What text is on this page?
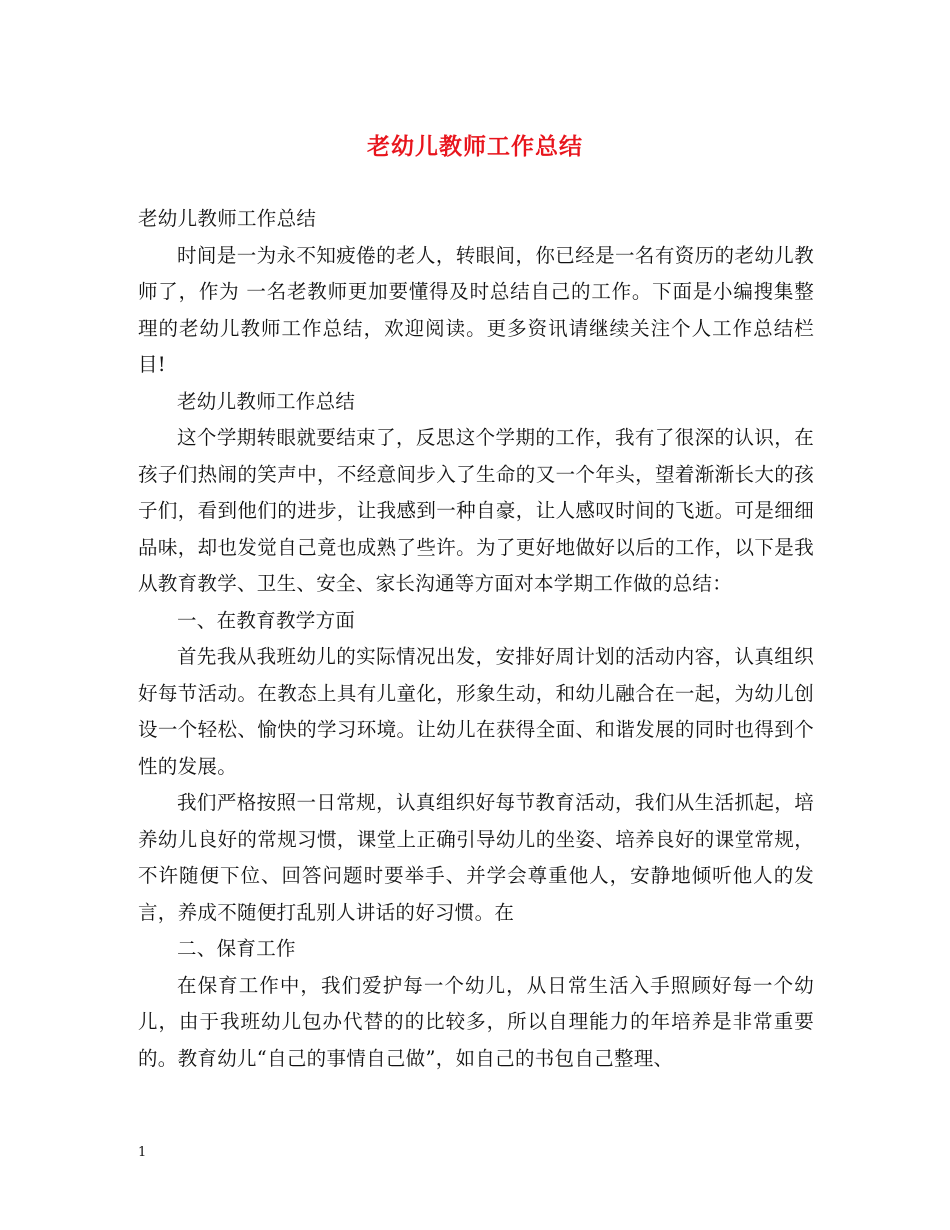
老幼儿教师工作总结

老幼儿教师工作总结

时间是一为永不知疲倦的老人，转眼间，你已经是一名有资历的老幼儿教师了，作为 一名老教师更加要懂得及时总结自己的工作。下面是小编搜集整理的老幼儿教师工作总结，欢迎阅读。更多资讯请继续关注个人工作总结栏目!

老幼儿教师工作总结

这个学期转眼就要结束了，反思这个学期的工作，我有了很深的认识，在孩子们热闹的笑声中，不经意间步入了生命的又一个年头，望着渐渐长大的孩子们，看到他们的进步，让我感到一种自豪，让人感叹时间的飞逝。可是细细品味，却也发觉自己竟也成熟了些许。为了更好地做好以后的工作，以下是我从教育教学、卫生、安全、家长沟通等方面对本学期工作做的总结：

一、在教育教学方面

首先我从我班幼儿的实际情况出发，安排好周计划的活动内容，认真组织好每节活动。在教态上具有儿童化，形象生动，和幼儿融合在一起，为幼儿创设一个轻松、愉快的学习环境。让幼儿在获得全面、和谐发展的同时也得到个性的发展。

我们严格按照一日常规，认真组织好每节教育活动，我们从生活抓起，培养幼儿良好的常规习惯，课堂上正确引导幼儿的坐姿、培养良好的课堂常规，不许随便下位、回答问题时要举手、并学会尊重他人，安静地倾听他人的发言，养成不随便打乱别人讲话的好习惯。在

二、保育工作

在保育工作中，我们爱护每一个幼儿，从日常生活入手照顾好每一个幼儿，由于我班幼儿包办代替的的比较多，所以自理能力的年培养是非常重要的。教育幼儿“自己的事情自己做”，如自己的书包自己整理、

1
